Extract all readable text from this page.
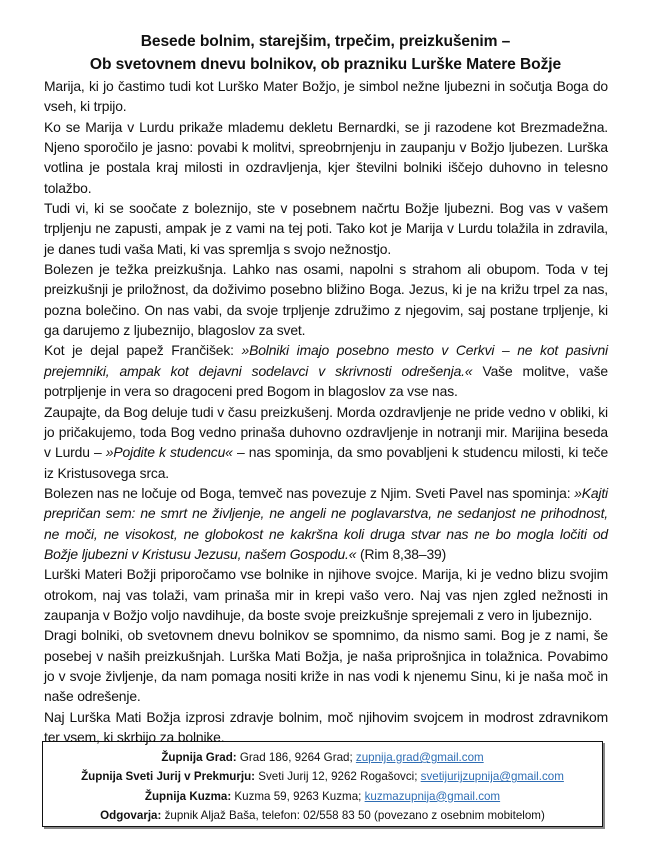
Besede bolnim, starejšim, trpečim, preizkušenim –
Ob svetovnem dnevu bolnikov, ob prazniku Lurške Matere Božje

Marija, ki jo častimo tudi kot Lurško Mater Božjo, je simbol nežne ljubezni in sočutja Boga do vseh, ki trpijo.

Ko se Marija v Lurdu prikaže mlademu dekletu Bernardki, se ji razodene kot Brezmadežna. Njeno sporočilo je jasno: povabi k molitvi, spreobrnjenju in zaupanju v Božjo ljubezen. Lurška votlina je postala kraj milosti in ozdravljenja, kjer številni bolniki iščejo duhovno in telesno tolažbo.

Tudi vi, ki se soočate z boleznijo, ste v posebnem načrtu Božje ljubezni. Bog vas v vašem trpljenju ne zapusti, ampak je z vami na tej poti. Tako kot je Marija v Lurdu tolažila in zdravila, je danes tudi vaša Mati, ki vas spremlja s svojo nežnostjo.

Bolezen je težka preizkušnja. Lahko nas osami, napolni s strahom ali obupom. Toda v tej preizkušnji je priložnost, da doživimo posebno bližino Boga. Jezus, ki je na križu trpel za nas, pozna bolečino. On nas vabi, da svoje trpljenje združimo z njegovim, saj postane trpljenje, ki ga darujemo z ljubeznijo, blagoslov za svet.

Kot je dejal papež Frančišek: »Bolniki imajo posebno mesto v Cerkvi – ne kot pasivni prejemniki, ampak kot dejavni sodelavci v skrivnosti odrešenja.« Vaše molitve, vaše potrpljenje in vera so dragoceni pred Bogom in blagoslov za vse nas.

Zaupajte, da Bog deluje tudi v času preizkušenj. Morda ozdravljenje ne pride vedno v obliki, ki jo pričakujemo, toda Bog vedno prinaša duhovno ozdravljenje in notranji mir. Marijina beseda v Lurdu – »Pojdite k studencu« – nas spominja, da smo povabljeni k studencu milosti, ki teče iz Kristusovega srca.

Bolezen nas ne ločuje od Boga, temveč nas povezuje z Njim. Sveti Pavel nas spominja: »Kajti prepričan sem: ne smrt ne življenje, ne angeli ne poglavarstva, ne sedanjost ne prihodnost, ne moči, ne visokost, ne globokost ne kakršna koli druga stvar nas ne bo mogla ločiti od Božje ljubezni v Kristusu Jezusu, našem Gospodu.« (Rim 8,38–39)

Lurški Materi Božji priporočamo vse bolnike in njihove svojce. Marija, ki je vedno blizu svojim otrokom, naj vas tolaži, vam prinaša mir in krepi vašo vero. Naj vas njen zgled nežnosti in zaupanja v Božjo voljo navdihuje, da boste svoje preizkušnje sprejemali z vero in ljubeznijo.

Dragi bolniki, ob svetovnem dnevu bolnikov se spomnimo, da nismo sami. Bog je z nami, še posebej v naših preizkušnjah. Lurška Mati Božja, je naša priprošnjica in tolažnica. Povabimo jo v svoje življenje, da nam pomaga nositi križe in nas vodi k njenemu Sinu, ki je naša moč in naše odrešenje.

Naj Lurška Mati Božja izprosi zdravje bolnim, moč njihovim svojcem in modrost zdravnikom ter vsem, ki skrbijo za bolnike.

Župnija Grad: Grad 186, 9264 Grad; zupnija.grad@gmail.com
Župnija Sveti Jurij v Prekmurju: Sveti Jurij 12, 9262 Rogašovci; svetijurijzupnija@gmail.com
Župnija Kuzma: Kuzma 59, 9263 Kuzma; kuzmazupnija@gmail.com
Odgovarja: župnik Aljaž Baša, telefon: 02/558 83 50 (povezano z osebnim mobitelom)
